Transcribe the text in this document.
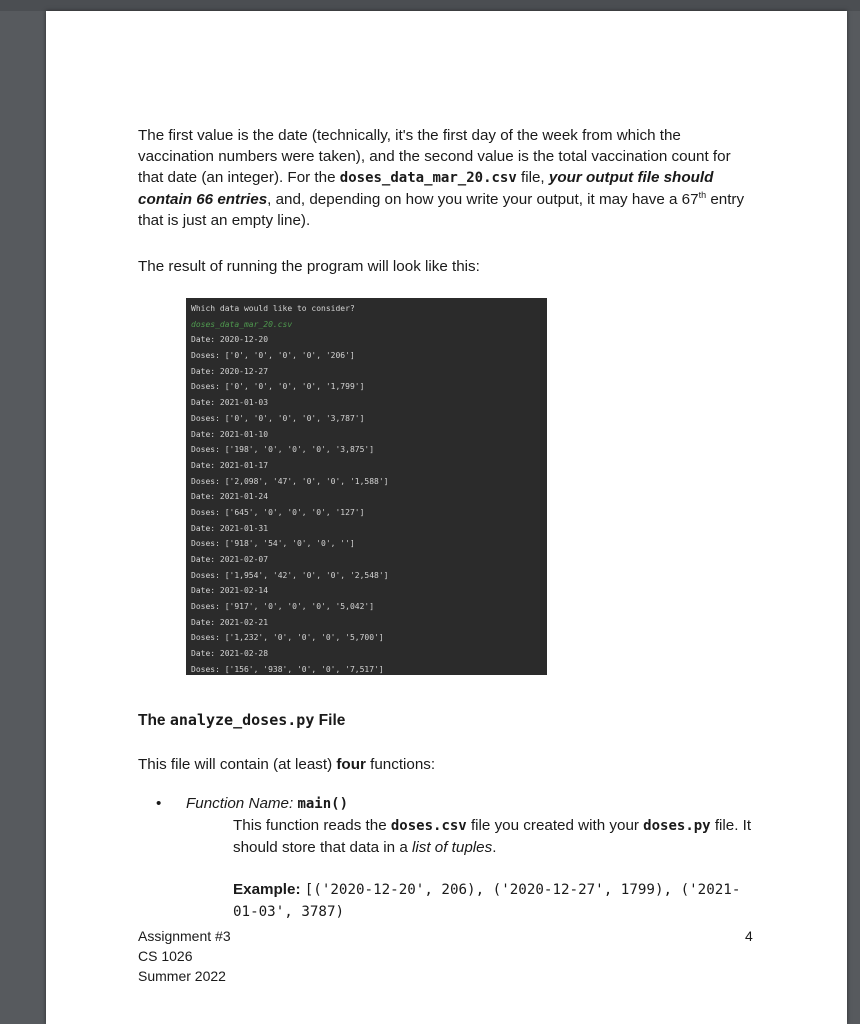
The first value is the date (technically, it's the first day of the week from which the vaccination numbers were taken), and the second value is the total vaccination count for that date (an integer). For the doses_data_mar_20.csv file, your output file should contain 66 entries, and, depending on how you write your output, it may have a 67th entry that is just an empty line).

The result of running the program will look like this:

Which data would like to consider?
doses_data_mar_20.csv
Date: 2020-12-20
Doses: ['0', '0', '0', '0', '206']
Date: 2020-12-27
Doses: ['0', '0', '0', '0', '1,799']
Date: 2021-01-03
Doses: ['0', '0', '0', '0', '3,787']
Date: 2021-01-10
Doses: ['198', '0', '0', '0', '3,875']
Date: 2021-01-17
Doses: ['2,098', '47', '0', '0', '1,588']
Date: 2021-01-24
Doses: ['645', '0', '0', '0', '127']
Date: 2021-01-31
Doses: ['918', '54', '0', '0', '']
Date: 2021-02-07
Doses: ['1,954', '42', '0', '0', '2,548']
Date: 2021-02-14
Doses: ['917', '0', '0', '0', '5,042']
Date: 2021-02-21
Doses: ['1,232', '0', '0', '0', '5,700']
Date: 2021-02-28
Doses: ['156', '938', '0', '0', '7,517']
The analyze_doses.py File

This file will contain (at least) four functions:

• Function Name: main()

This function reads the doses.csv file you created with your doses.py file. It should store that data in a list of tuples.

Example: [('2020-12-20', 206), ('2020-12-27', 1799), ('2021-01-03', 3787)

Assignment #3
CS 1026
Summer 2022
4
